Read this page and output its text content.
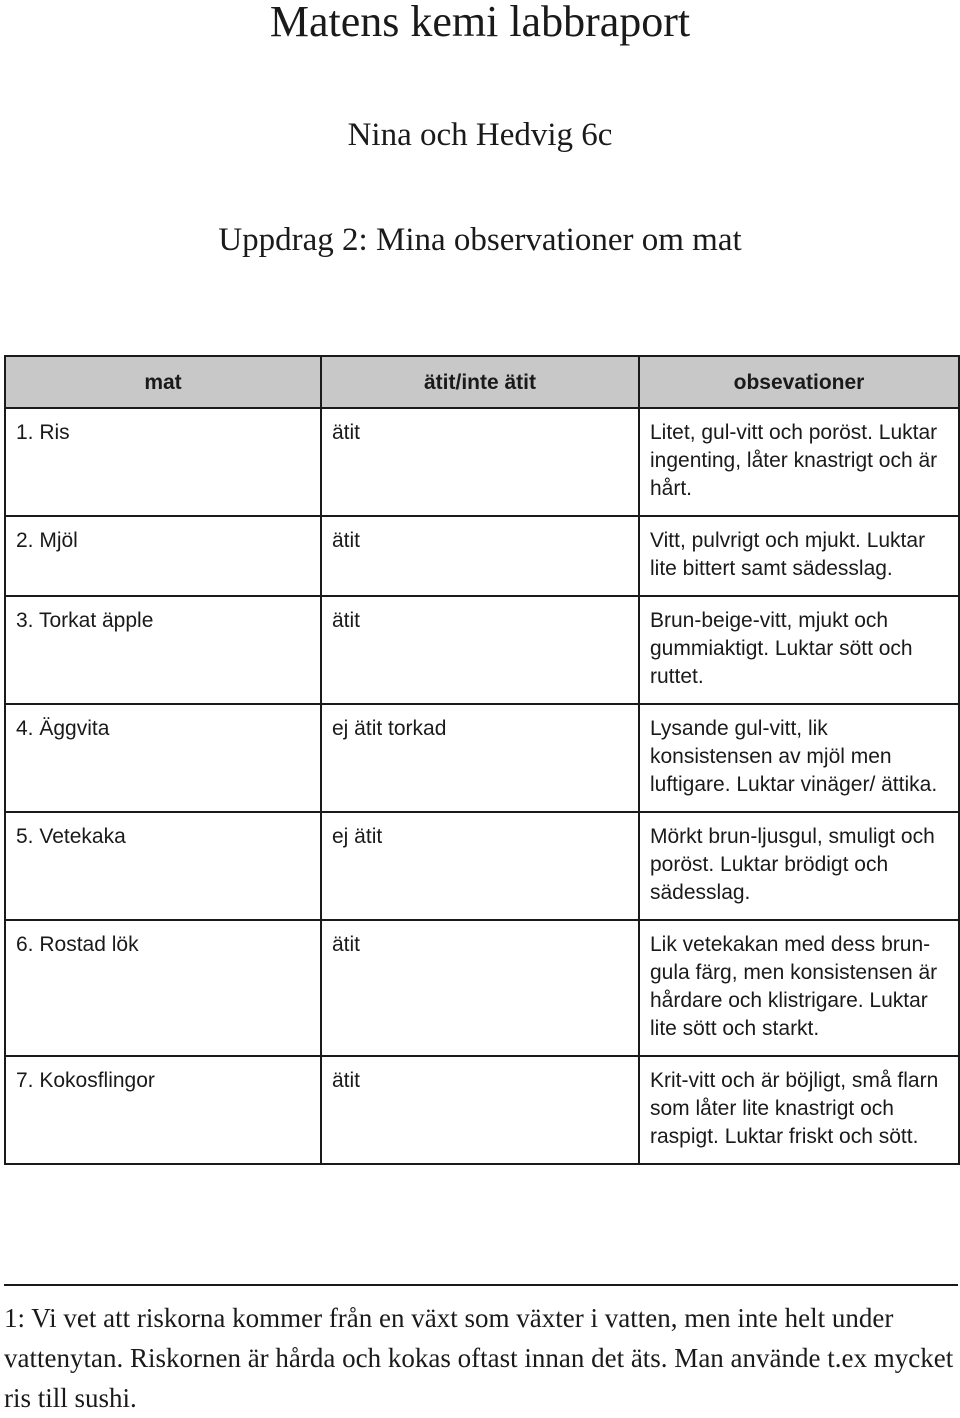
Matens kemi labbraport
Nina och Hedvig 6c
Uppdrag 2: Mina observationer om mat
mat	ätit/inte ätit	obsevationer
1. Ris	ätit	Litet, gul-vitt och poröst. Luktar ingenting, låter knastrigt och är hårt.
2. Mjöl	ätit	Vitt, pulvrigt och mjukt. Luktar lite bittert samt sädesslag.
3. Torkat äpple	ätit	Brun-beige-vitt, mjukt och gummiaktigt. Luktar sött och ruttet.
4. Äggvita	ej ätit torkad	Lysande gul-vitt, lik konsistensen av mjöl men luftigare. Luktar vinäger/ ättika.
5. Vetekaka	ej ätit	Mörkt brun-ljusgul, smuligt och poröst. Luktar brödigt och sädesslag.
6. Rostad lök	ätit	Lik vetekakan med dess brun-gula färg, men konsistensen är hårdare och klistrigare. Luktar lite sött och starkt.
7. Kokosflingor	ätit	Krit-vitt och är böjligt, små flarn som låter lite knastrigt och raspigt. Luktar friskt och sött.

1: Vi vet att riskorna kommer från en växt som växter i vatten, men inte helt under vattenytan. Riskornen är hårda och kokas oftast innan det äts. Man använde t.ex mycket ris till sushi.
